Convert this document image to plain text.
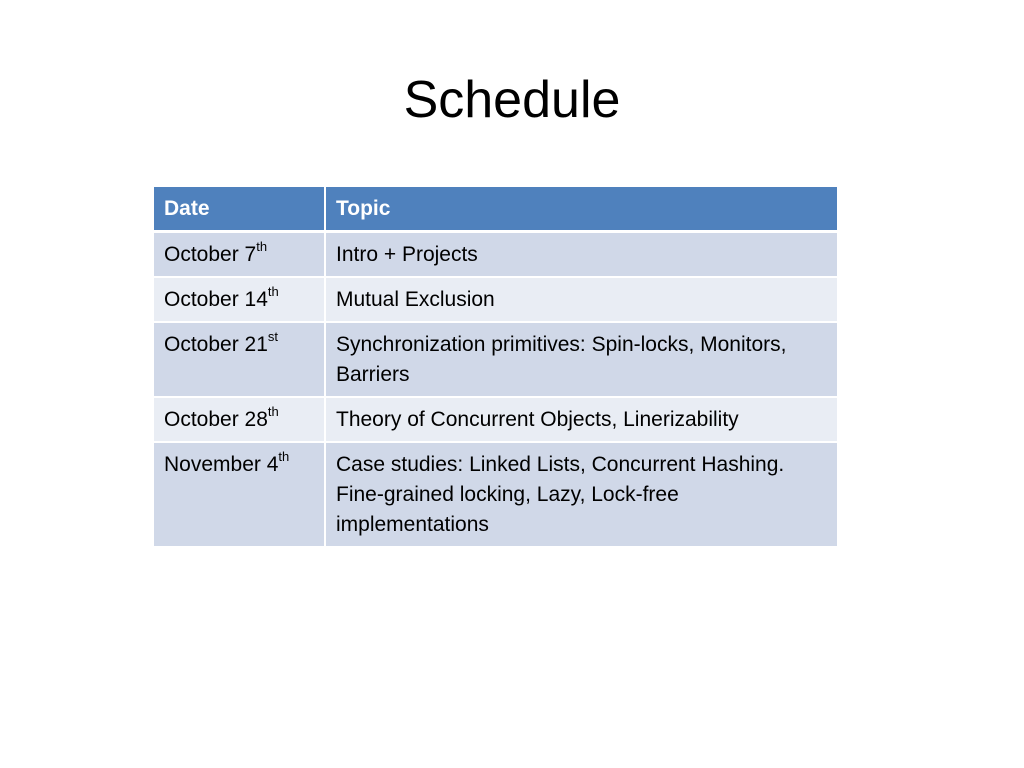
Schedule
Date	Topic
October 7th	Intro + Projects
October 14th	Mutual Exclusion
October 21st	Synchronization primitives: Spin-locks, Monitors, Barriers
October 28th	Theory of Concurrent Objects, Linerizability
November 4th	Case studies: Linked Lists, Concurrent Hashing. Fine-grained locking, Lazy, Lock-free implementations
